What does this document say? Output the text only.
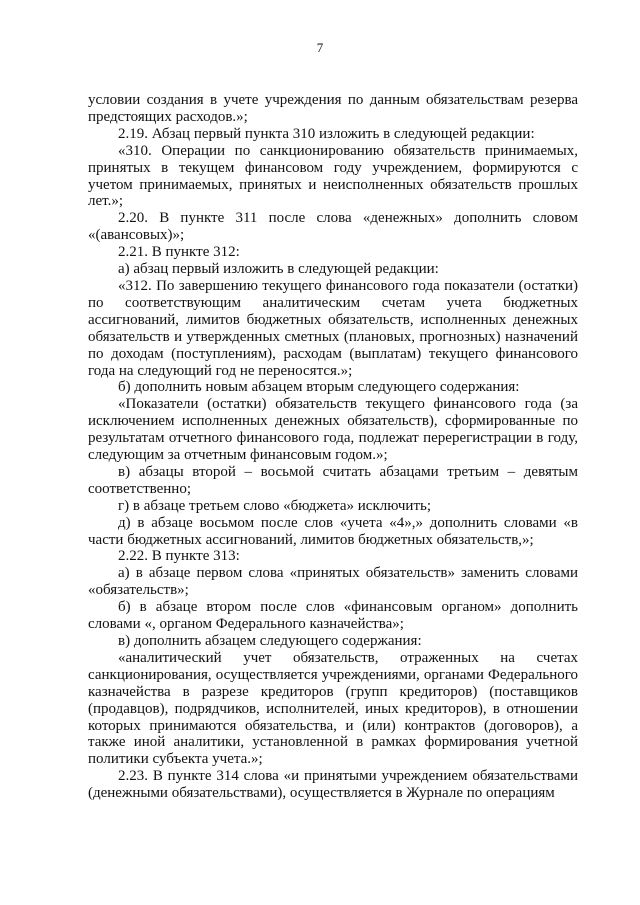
7

условии создания в учете учреждения по данным обязательствам резерва предстоящих расходов.»;

2.19. Абзац первый пункта 310 изложить в следующей редакции:

«310. Операции по санкционированию обязательств принимаемых, принятых в текущем финансовом году учреждением, формируются с учетом принимаемых, принятых и неисполненных обязательств прошлых лет.»;

2.20. В пункте 311 после слова «денежных» дополнить словом «(авансовых)»;

2.21. В пункте 312:

а) абзац первый изложить в следующей редакции:

«312. По завершению текущего финансового года показатели (остатки) по соответствующим аналитическим счетам учета бюджетных ассигнований, лимитов бюджетных обязательств, исполненных денежных обязательств и утвержденных сметных (плановых, прогнозных) назначений по доходам (поступлениям), расходам (выплатам) текущего финансового года на следующий год не переносятся.»;

б) дополнить новым абзацем вторым следующего содержания:

«Показатели (остатки) обязательств текущего финансового года (за исключением исполненных денежных обязательств), сформированные по результатам отчетного финансового года, подлежат перерегистрации в году, следующим за отчетным финансовым годом.»;

в) абзацы второй – восьмой считать абзацами третьим – девятым соответственно;

г) в абзаце третьем слово «бюджета» исключить;

д) в абзаце восьмом после слов «учета «4»,» дополнить словами «в части бюджетных ассигнований, лимитов бюджетных обязательств,»;

2.22. В пункте 313:

а) в абзаце первом слова «принятых обязательств» заменить словами «обязательств»;

б) в абзаце втором после слов «финансовым органом» дополнить словами «, органом Федерального казначейства»;

в) дополнить абзацем следующего содержания:

«аналитический учет обязательств, отраженных на счетах санкционирования, осуществляется учреждениями, органами Федерального казначейства в разрезе кредиторов (групп кредиторов) (поставщиков (продавцов), подрядчиков, исполнителей, иных кредиторов), в отношении которых принимаются обязательства, и (или) контрактов (договоров), а также иной аналитики, установленной в рамках формирования учетной политики субъекта учета.»;

2.23. В пункте 314 слова «и принятыми учреждением обязательствами (денежными обязательствами), осуществляется в Журнале по операциям
